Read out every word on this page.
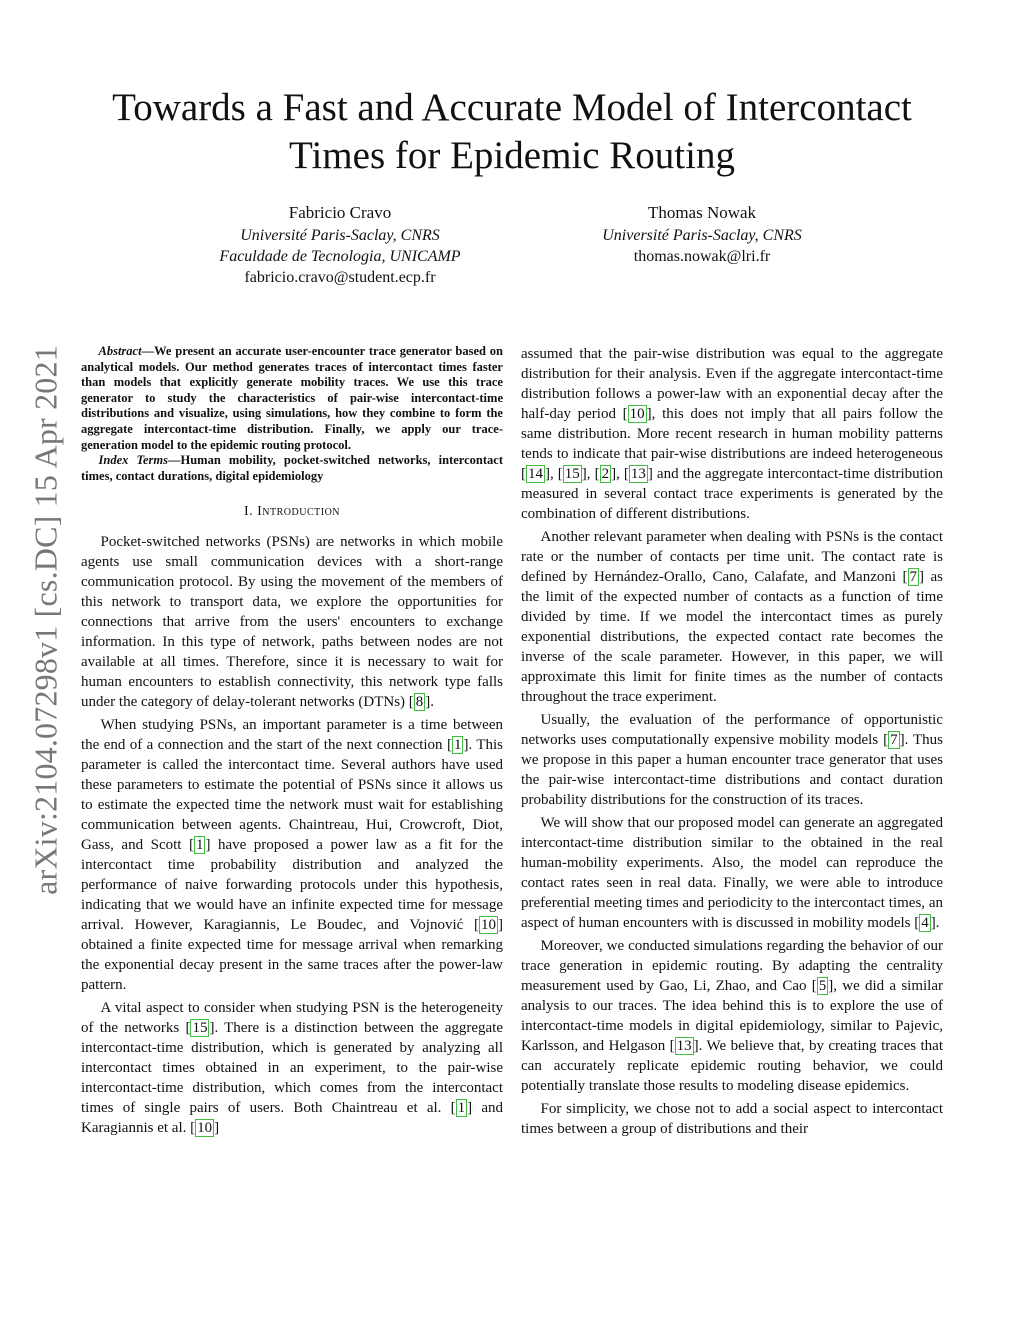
arXiv:2104.07298v1 [cs.DC] 15 Apr 2021
Towards a Fast and Accurate Model of Intercontact Times for Epidemic Routing
Fabricio Cravo
Université Paris-Saclay, CNRS
Faculdade de Tecnologia, UNICAMP
fabricio.cravo@student.ecp.fr
Thomas Nowak
Université Paris-Saclay, CNRS
thomas.nowak@lri.fr

Abstract—We present an accurate user-encounter trace generator based on analytical models. Our method generates traces of intercontact times faster than models that explicitly generate mobility traces. We use this trace generator to study the characteristics of pair-wise intercontact-time distributions and visualize, using simulations, how they combine to form the aggregate intercontact-time distribution. Finally, we apply our trace-generation model to the epidemic routing protocol.

Index Terms—Human mobility, pocket-switched networks, intercontact times, contact durations, digital epidemiology

I. Introduction

Pocket-switched networks (PSNs) are networks in which mobile agents use small communication devices with a short-range communication protocol. By using the movement of the members of this network to transport data, we explore the opportunities for connections that arrive from the users' encounters to exchange information. In this type of network, paths between nodes are not available at all times. Therefore, since it is necessary to wait for human encounters to establish connectivity, this network type falls under the category of delay-tolerant networks (DTNs) [ 8 ].

When studying PSNs, an important parameter is a time between the end of a connection and the start of the next connection [ 1 ]. This parameter is called the intercontact time. Several authors have used these parameters to estimate the potential of PSNs since it allows us to estimate the expected time the network must wait for establishing communication between agents. Chaintreau, Hui, Crowcroft, Diot, Gass, and Scott [ 1 ] have proposed a power law as a fit for the intercontact time probability distribution and analyzed the performance of naive forwarding protocols under this hypothesis, indicating that we would have an infinite expected time for message arrival. However, Karagiannis, Le Boudec, and Vojnović [ 10 ] obtained a finite expected time for message arrival when remarking the exponential decay present in the same traces after the power-law pattern.

A vital aspect to consider when studying PSN is the heterogeneity of the networks [ 15 ]. There is a distinction between the aggregate intercontact-time distribution, which is generated by analyzing all intercontact times obtained in an experiment, to the pair-wise intercontact-time distribution, which comes from the intercontact times of single pairs of users. Both Chaintreau et al. [ 1 ] and Karagiannis et al. [ 10 ]

assumed that the pair-wise distribution was equal to the aggregate distribution for their analysis. Even if the aggregate intercontact-time distribution follows a power-law with an exponential decay after the half-day period [ 10 ], this does not imply that all pairs follow the same distribution. More recent research in human mobility patterns tends to indicate that pair-wise distributions are indeed heterogeneous [ 14 ], [ 15 ], [ 2 ], [ 13 ] and the aggregate intercontact-time distribution measured in several contact trace experiments is generated by the combination of different distributions.

Another relevant parameter when dealing with PSNs is the contact rate or the number of contacts per time unit. The contact rate is defined by Hernández-Orallo, Cano, Calafate, and Manzoni [ 7 ] as the limit of the expected number of contacts as a function of time divided by time. If we model the intercontact times as purely exponential distributions, the expected contact rate becomes the inverse of the scale parameter. However, in this paper, we will approximate this limit for finite times as the number of contacts throughout the trace experiment.

Usually, the evaluation of the performance of opportunistic networks uses computationally expensive mobility models [ 7 ]. Thus we propose in this paper a human encounter trace generator that uses the pair-wise intercontact-time distributions and contact duration probability distributions for the construction of its traces.

We will show that our proposed model can generate an aggregated intercontact-time distribution similar to the obtained in the real human-mobility experiments. Also, the model can reproduce the contact rates seen in real data. Finally, we were able to introduce preferential meeting times and periodicity to the intercontact times, an aspect of human encounters with is discussed in mobility models [ 4 ].

Moreover, we conducted simulations regarding the behavior of our trace generation in epidemic routing. By adapting the centrality measurement used by Gao, Li, Zhao, and Cao [ 5 ], we did a similar analysis to our traces. The idea behind this is to explore the use of intercontact-time models in digital epidemiology, similar to Pajevic, Karlsson, and Helgason [ 13 ]. We believe that, by creating traces that can accurately replicate epidemic routing behavior, we could potentially translate those results to modeling disease epidemics.

For simplicity, we chose not to add a social aspect to intercontact times between a group of distributions and their
